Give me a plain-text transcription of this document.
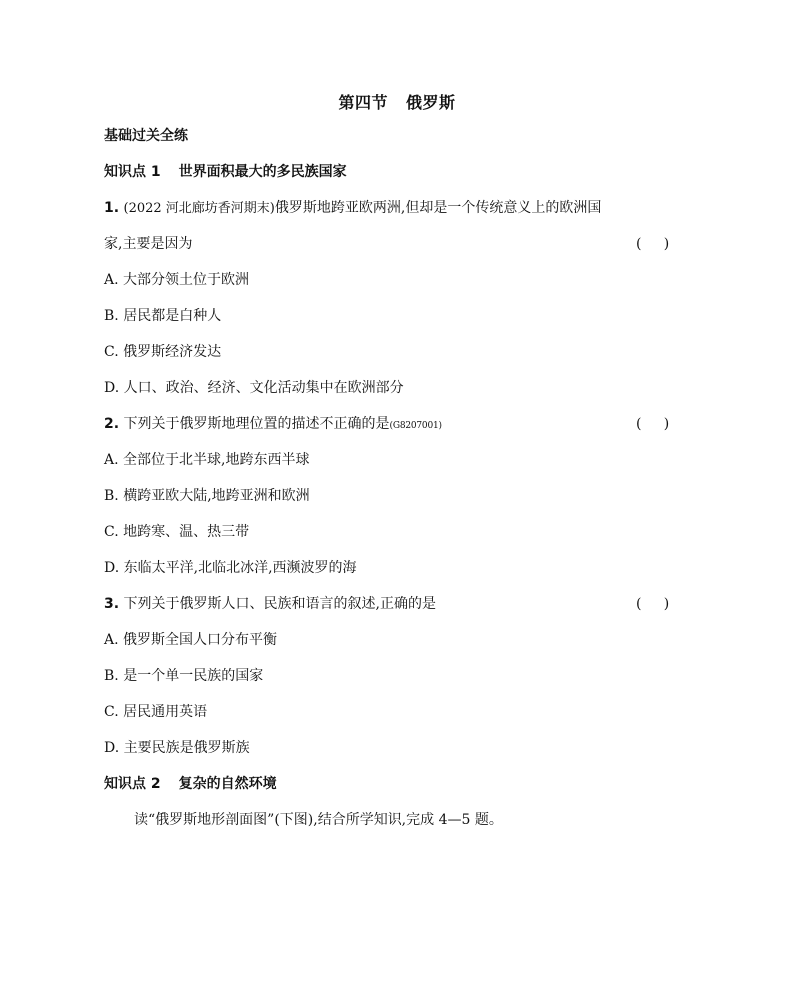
第四节 俄罗斯
基础过关全练
知识点 1 世界面积最大的多民族国家
1. (2022 河北廊坊香河期末)俄罗斯地跨亚欧两洲,但却是一个传统意义上的欧洲国
家,主要是因为	(     )
A. 大部分领土位于欧洲
B. 居民都是白种人
C. 俄罗斯经济发达
D. 人口、政治、经济、文化活动集中在欧洲部分
2. 下列关于俄罗斯地理位置的描述不正确的是(G8207001)	(     )
A. 全部位于北半球,地跨东西半球
B. 横跨亚欧大陆,地跨亚洲和欧洲
C. 地跨寒、温、热三带
D. 东临太平洋,北临北冰洋,西濒波罗的海
3. 下列关于俄罗斯人口、民族和语言的叙述,正确的是	(     )
A. 俄罗斯全国人口分布平衡
B. 是一个单一民族的国家
C. 居民通用英语
D. 主要民族是俄罗斯族
知识点 2 复杂的自然环境
读“俄罗斯地形剖面图”(下图),结合所学知识,完成 4—5 题。
